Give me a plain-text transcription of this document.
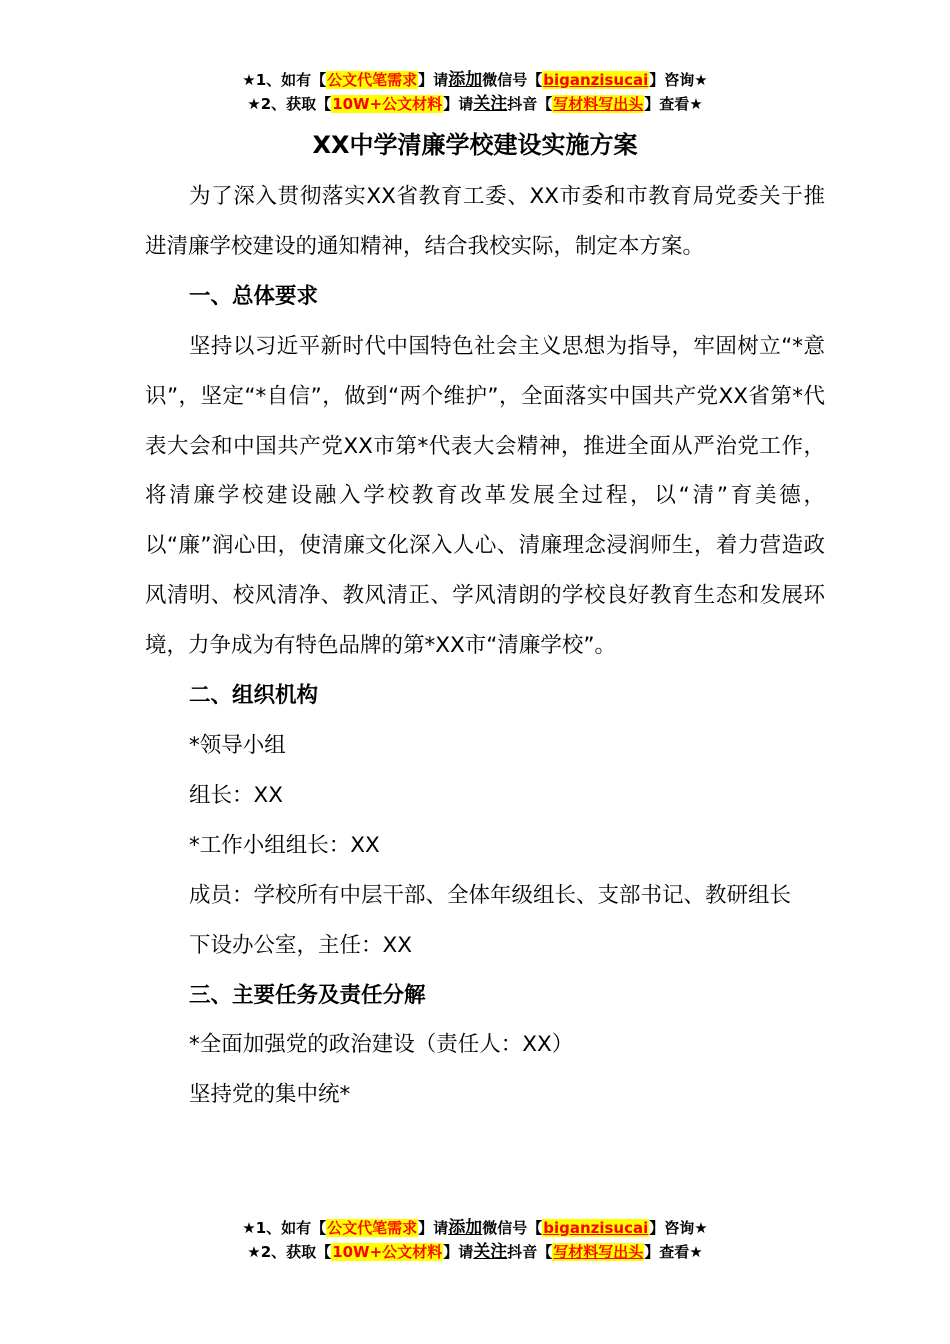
★1、如有【公文代笔需求】请添加微信号【biganzisucai】咨询★
★2、获取【10W+公文材料】请关注抖音【写材料写出头】查看★
XX中学清廉学校建设实施方案

为了深入贯彻落实XX省教育工委、XX市委和市教育局党委关于推进清廉学校建设的通知精神，结合我校实际，制定本方案。

一、总体要求

坚持以习近平新时代中国特色社会主义思想为指导，牢固树立“*意识”，坚定“*自信”，做到“两个维护”，全面落实中国共产党XX省第*代表大会和中国共产党XX市第*代表大会精神，推进全面从严治党工作，将清廉学校建设融入学校教育改革发展全过程，以“清”育美德，以“廉”润心田，使清廉文化深入人心、清廉理念浸润师生，着力营造政风清明、校风清净、教风清正、学风清朗的学校良好教育生态和发展环境，力争成为有特色品牌的第*XX市“清廉学校”。

二、组织机构

*领导小组

组长：XX

*工作小组组长：XX

成员：学校所有中层干部、全体年级组长、支部书记、教研组长

下设办公室，主任：XX

三、主要任务及责任分解

*全面加强党的政治建设（责任人：XX）

坚持党的集中统*

★1、如有【公文代笔需求】请添加微信号【biganzisucai】咨询★
★2、获取【10W+公文材料】请关注抖音【写材料写出头】查看★
